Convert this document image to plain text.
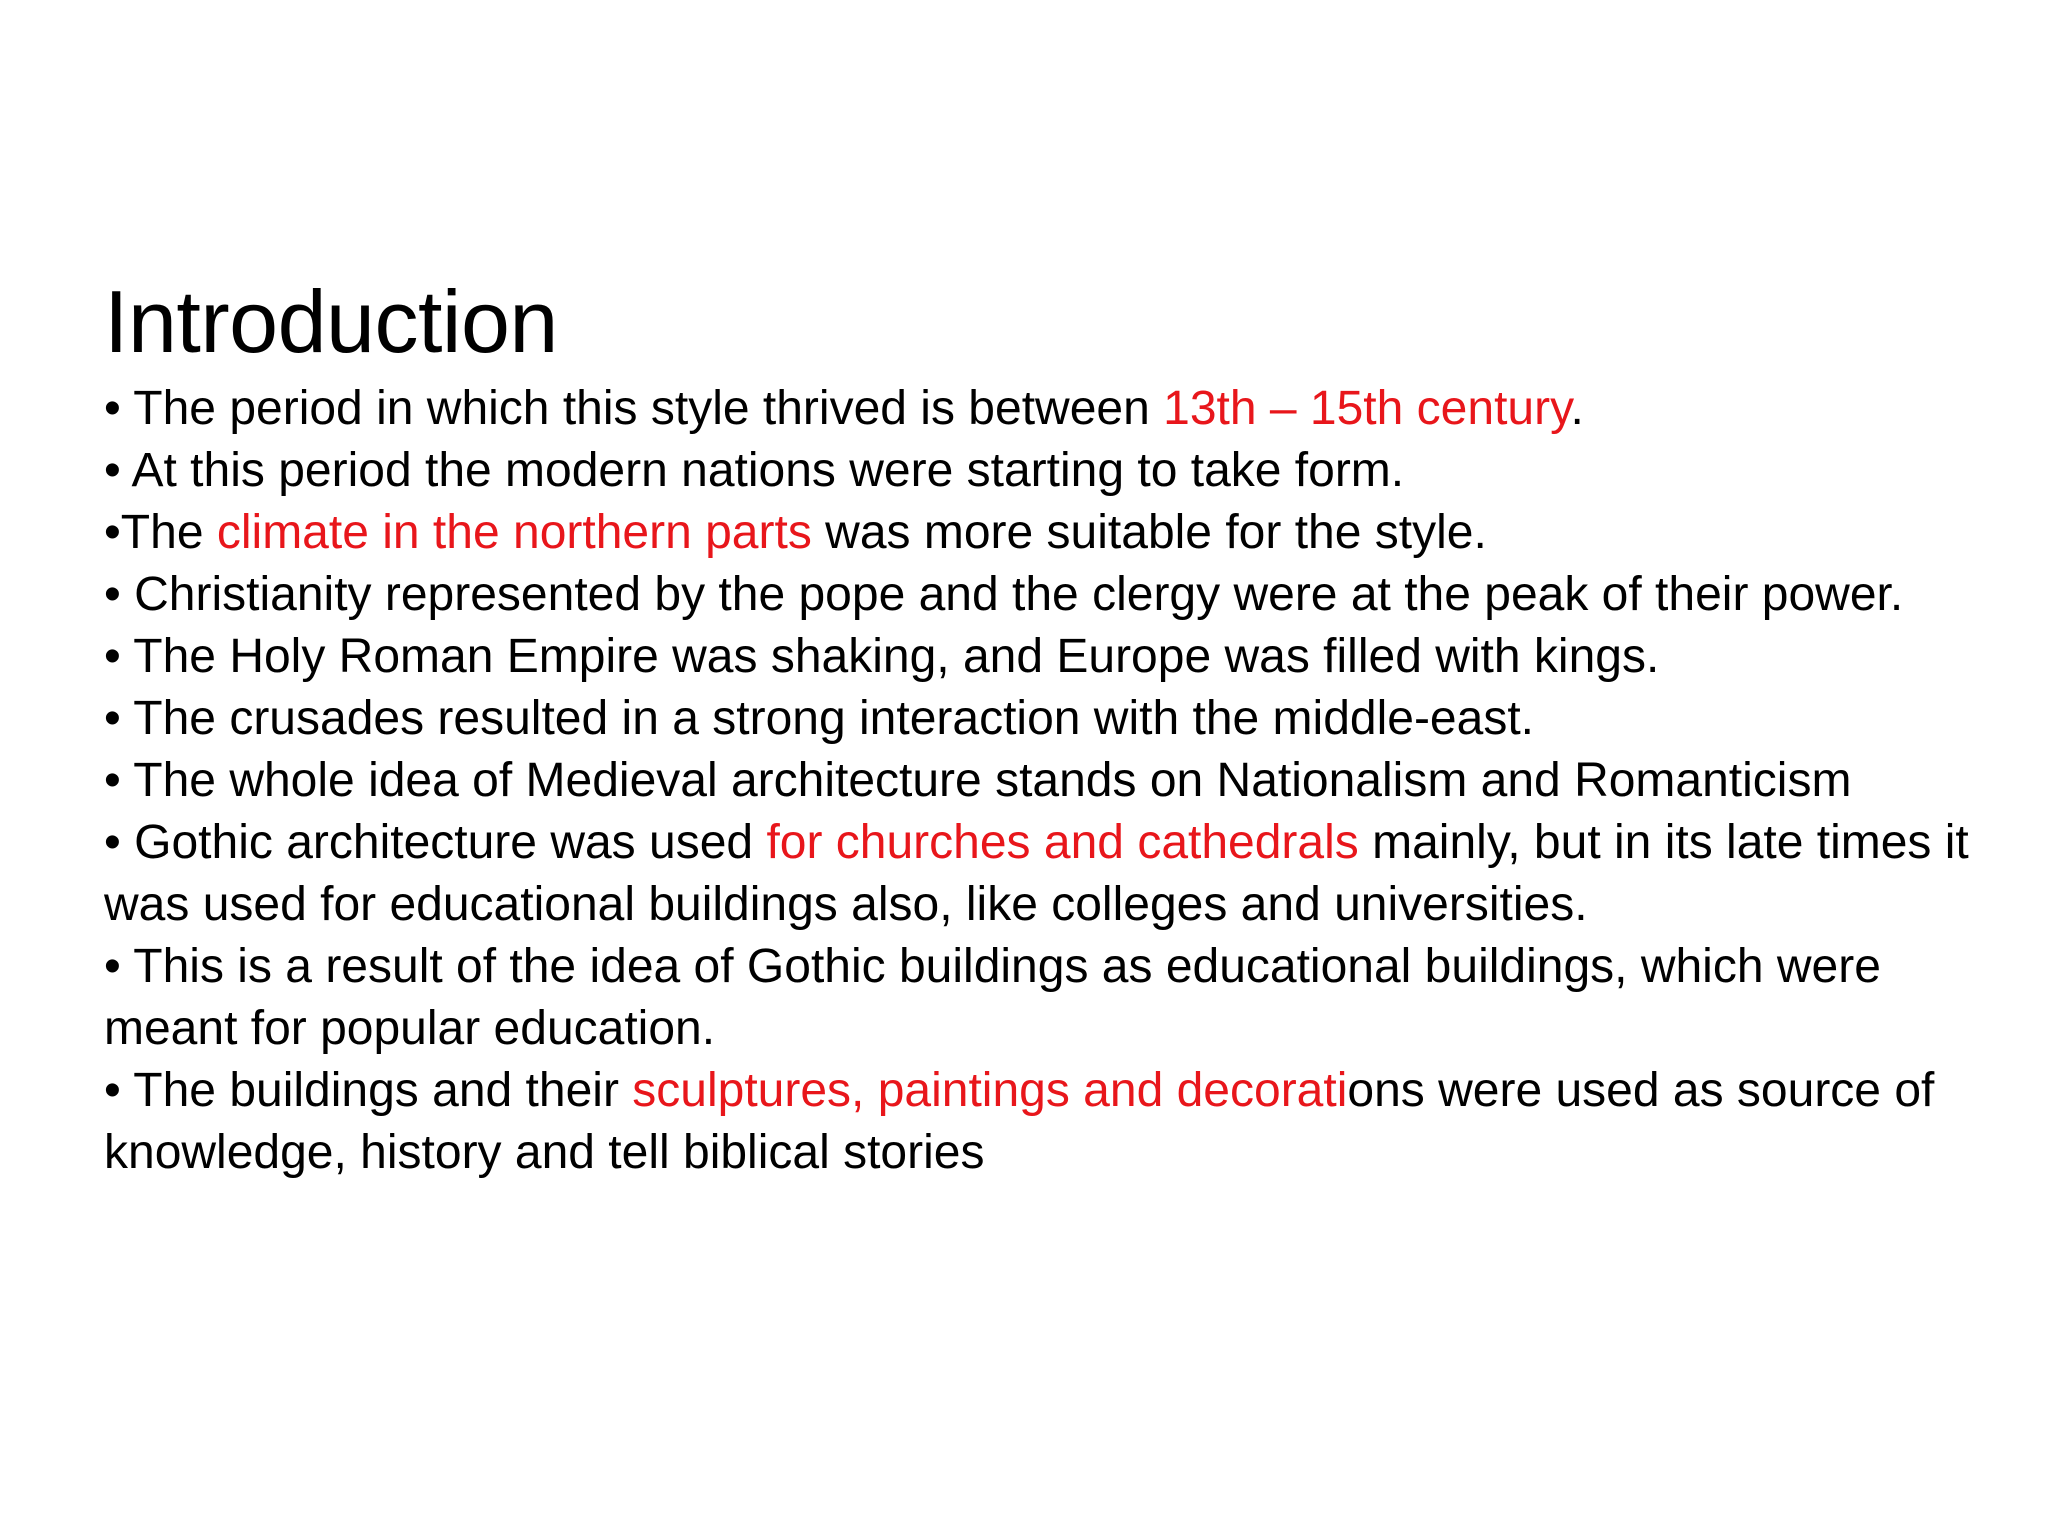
Introduction
• The period in which this style thrived is between 13th – 15th century.
• At this period the modern nations were starting to take form.
•The climate in the northern parts was more suitable for the style.
• Christianity represented by the pope and the clergy were at the peak of their power.
• The Holy Roman Empire was shaking, and Europe was filled with kings.
• The crusades resulted in a strong interaction with the middle-east.
• The whole idea of Medieval architecture stands on Nationalism and Romanticism
• Gothic architecture was used for churches and cathedrals mainly, but in its late times it was used for educational buildings also, like colleges and universities.
• This is a result of the idea of Gothic buildings as educational buildings, which were meant for popular education.
• The buildings and their sculptures, paintings and decorations were used as source of knowledge, history and tell biblical stories
